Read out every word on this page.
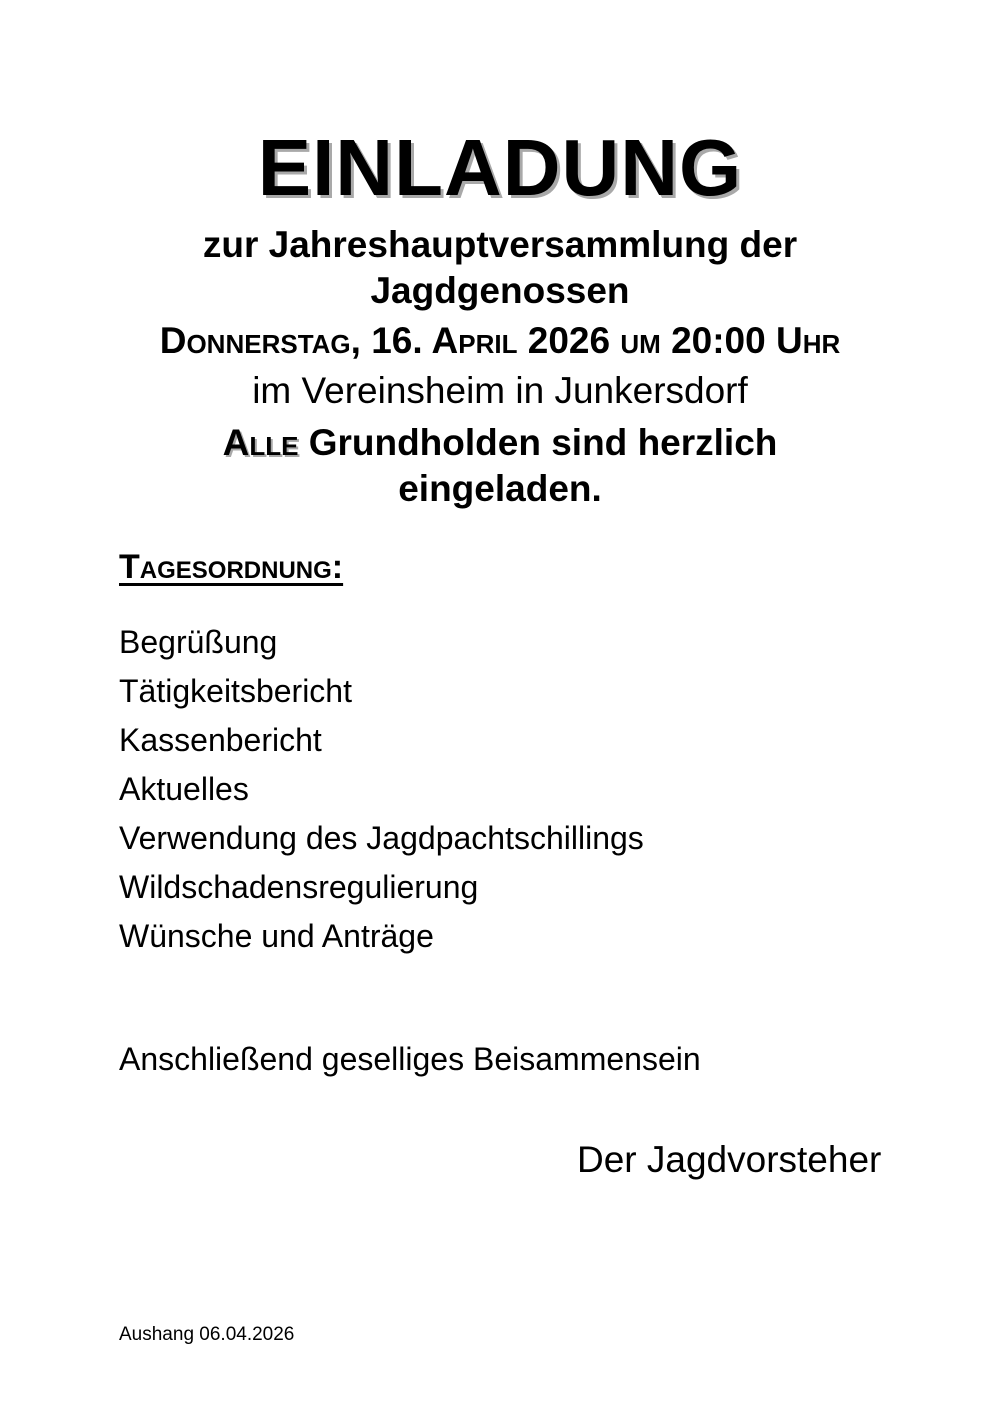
EINLADUNG
zur Jahreshauptversammlung der Jagdgenossen
Donnerstag, 16. April 2026 um 20:00 Uhr
im Vereinsheim in Junkersdorf
Alle Grundholden sind herzlich eingeladen.
Tagesordnung:
Begrüßung
Tätigkeitsbericht
Kassenbericht
Aktuelles
Verwendung des Jagdpachtschillings
Wildschadensregulierung
Wünsche und Anträge
Anschließend geselliges Beisammensein
Der Jagdvorsteher
Aushang 06.04.2026
